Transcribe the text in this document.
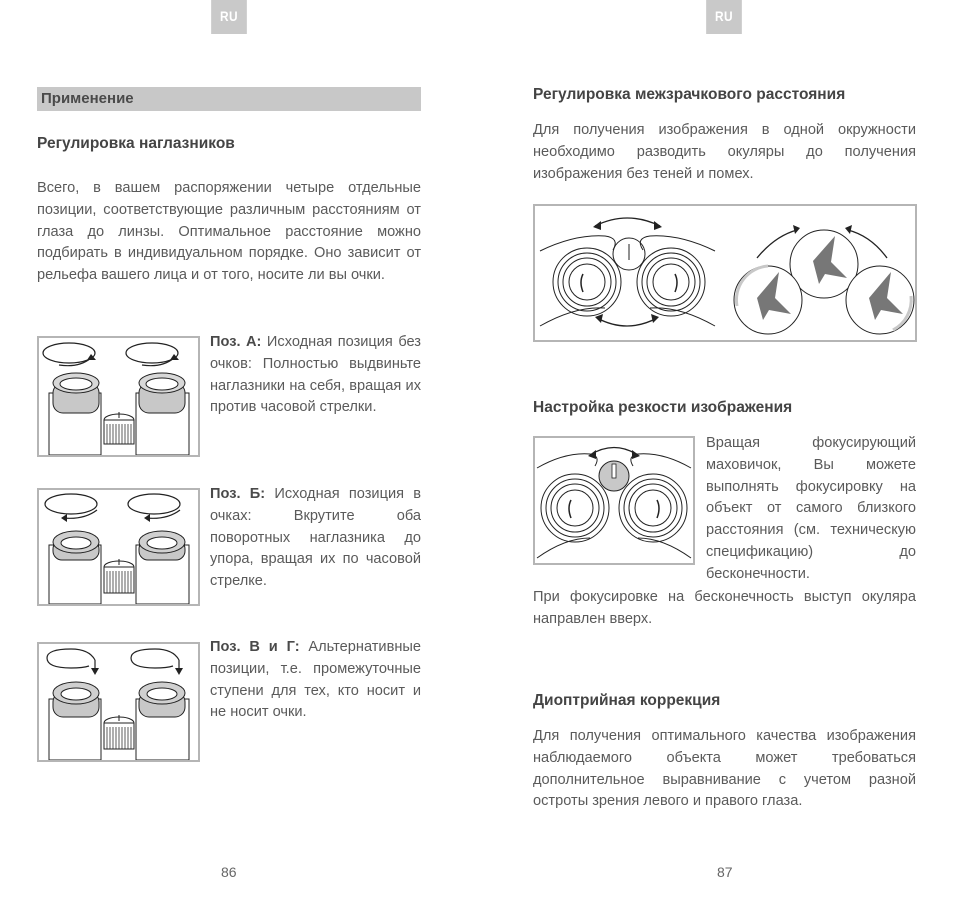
RU
Применение
Регулировка наглазников
Всего, в вашем распоряжении четыре отдельные позиции, соответствующие различным расстояниям от глаза до линзы. Оптимальное расстояние можно подбирать в индивидуальном порядке. Оно зависит от рельефа вашего лица и от того, носите ли вы очки.
Поз. A: Исходная позиция без очков: Полностью выдвиньте наглазники на себя, вращая их против часовой стрелки.
Поз. Б: Исходная позиция в очках: Вкрутите оба поворотных наглазника до упора, вращая их по часовой стрелке.
Поз. В и Г: Альтернативные позиции, т.е. промежуточные ступени для тех, кто носит и не носит очки.
86
RU
Регулировка межзрачкового расстояния
Для получения изображения в одной окружности необходимо разводить окуляры до получения изображения без теней и помех.
Настройка резкости изображения
Вращая фокусирующий маховичок, Вы можете выполнять фокусировку на объект от самого близкого расстояния (см. техническую спецификацию) до бесконечности.
При фокусировке на бесконечность выступ окуляра направлен вверх.
Диоптрийная коррекция
Для получения оптимального качества изображения наблюдаемого объекта может требоваться дополнительное выравнивание с учетом разной остроты зрения левого и правого глаза.
87
